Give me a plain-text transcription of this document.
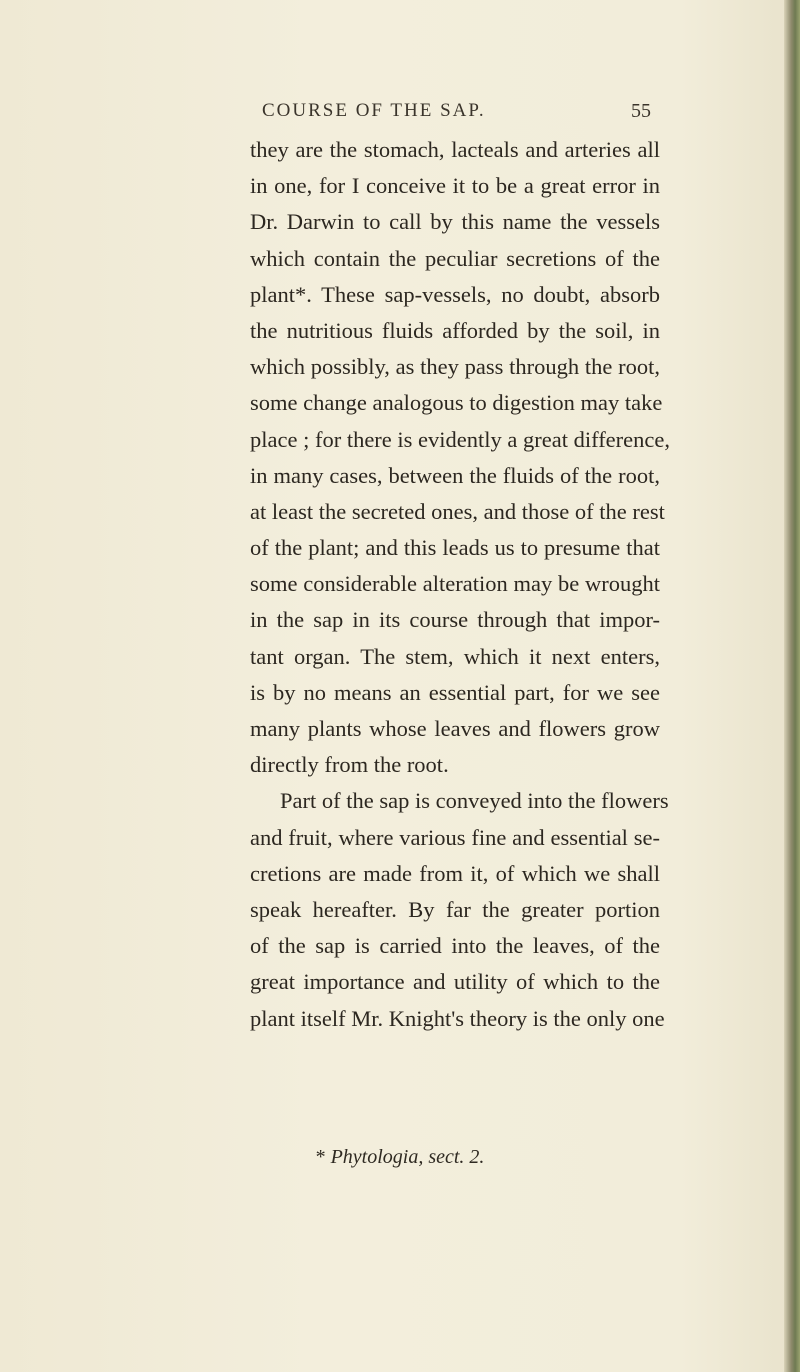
COURSE OF THE SAP.	55
they are the stomach, lacteals and arteries all
in one, for I conceive it to be a great error in
Dr. Darwin to call by this name the vessels
which contain the peculiar secretions of the
plant*. These sap-vessels, no doubt, absorb
the nutritious fluids afforded by the soil, in
which possibly, as they pass through the root,
some change analogous to digestion may take
place ; for there is evidently a great difference,
in many cases, between the fluids of the root,
at least the secreted ones, and those of the rest
of the plant; and this leads us to presume that
some considerable alteration may be wrought
in the sap in its course through that impor-
tant organ. The stem, which it next enters,
is by no means an essential part, for we see
many plants whose leaves and flowers grow
directly from the root.
Part of the sap is conveyed into the flowers
and fruit, where various fine and essential se-
cretions are made from it, of which we shall
speak hereafter. By far the greater portion
of the sap is carried into the leaves, of the
great importance and utility of which to the
plant itself Mr. Knight's theory is the only one
* Phytologia, sect. 2.
